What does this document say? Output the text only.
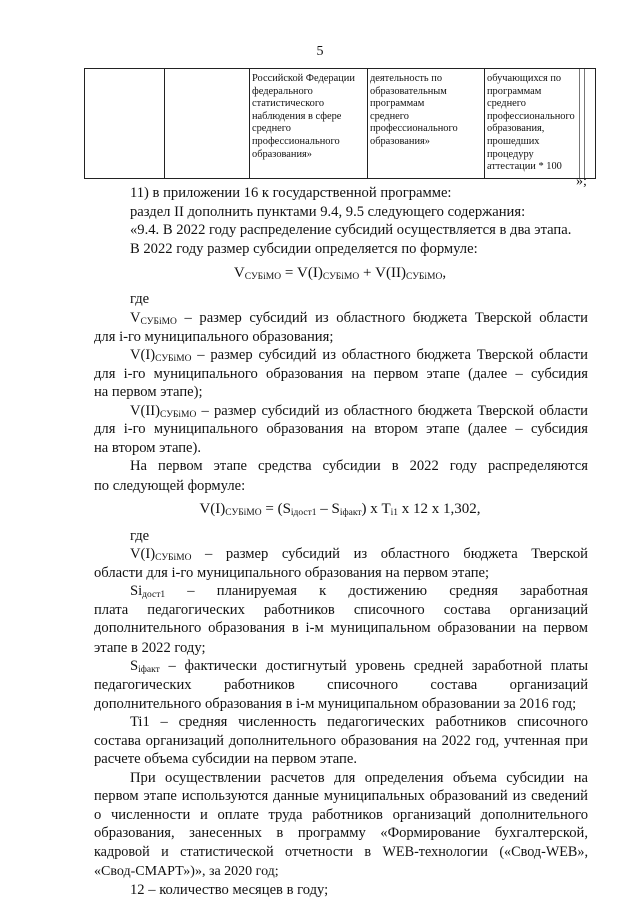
5
Российской Федерации
федерального
статистического
наблюдения в сфере
среднего
профессионального
образования»
деятельность по
образовательным
программам
среднего
профессионального
образования»
обучающихся по
программам
среднего
профессионального
образования,
прошедших
процедуру
аттестации * 100
»;
11) в приложении 16 к государственной программе:
раздел II дополнить пунктами 9.4, 9.5 следующего содержания:
«9.4. В 2022 году распределение субсидий осуществляется в два этапа.
В 2022 году размер субсидии определяется по формуле:
$V_{СУБiМО} = V(I)_{СУБiМО} + V(II)_{СУБiМО}$,
где
$V_{СУБiМО}$ – размер субсидий из областного бюджета Тверской области
для i-го муниципального образования;
$V(I)_{СУБiМО}$ – размер субсидий из областного бюджета Тверской области
для i-го муниципального образования на первом этапе (далее – субсидия
на первом этапе);
$V(II)_{СУБiМО}$ – размер субсидий из областного бюджета Тверской области
для i-го муниципального образования на втором этапе (далее – субсидия
на втором этапе).
На первом этапе средства субсидии в 2022 году распределяются
по следующей формуле:
$V(I)_{СУБiМО} = (S_{iдост1} - S_{iфакт})$ х $T_{i1}$ х 12 х 1,302,
где
$V(I)_{СУБiМО}$ – размер субсидий из областного бюджета Тверской
области для i-го муниципального образования на первом этапе;
$Si_{дост1}$ – планируемая к достижению средняя заработная
плата педагогических работников списочного состава организаций
дополнительного образования в i-м муниципальном образовании на первом
этапе в 2022 году;
$S_{iфакт}$ – фактически достигнутый уровень средней заработной платы
педагогических работников списочного состава организаций
дополнительного образования в i-м муниципальном образовании за 2016 год;
Ti1 – средняя численность педагогических работников списочного
состава организаций дополнительного образования на 2022 год, учтенная при
расчете объема субсидии на первом этапе.
При осуществлении расчетов для определения объема субсидии на
первом этапе используются данные муниципальных образований из сведений
о численности и оплате труда работников организаций дополнительного
образования, занесенных в программу «Формирование бухгалтерской,
кадровой и статистической отчетности в WEB-технологии («Свод-WEB»,
«Свод-СМАРТ»)», за 2020 год;
12 – количество месяцев в году;
